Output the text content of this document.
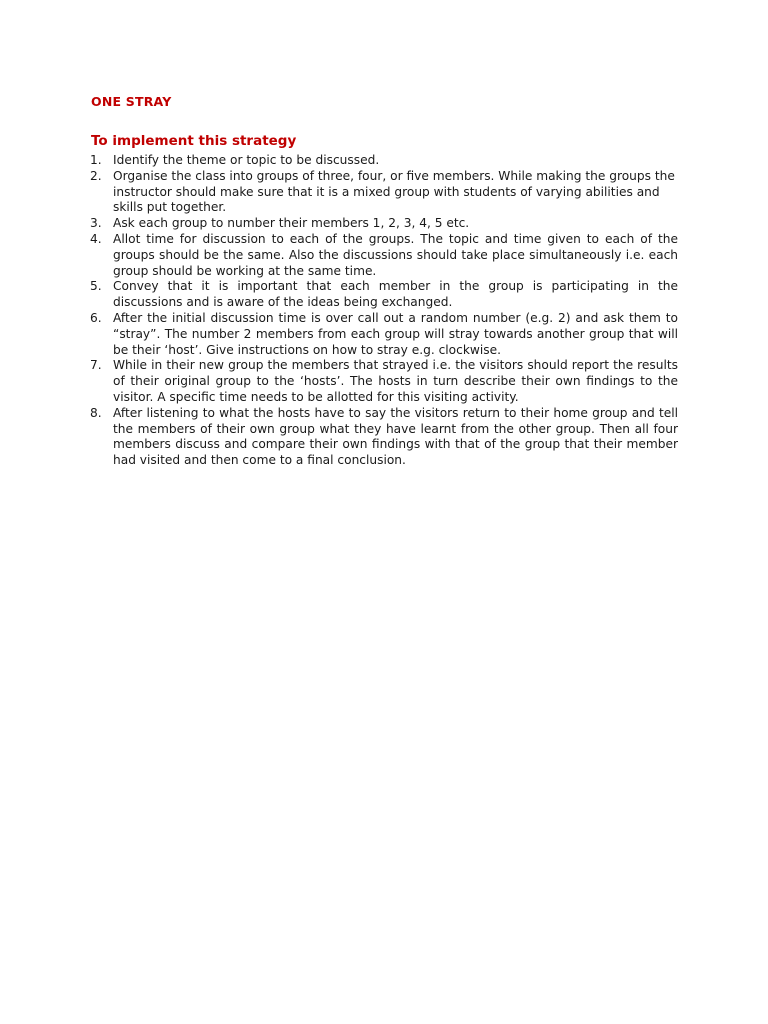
ONE STRAY
To implement this strategy
1. Identify the theme or topic to be discussed.
2. Organise the class into groups of three, four, or five members. While making the groups the instructor should make sure that it is a mixed group with students of varying abilities and skills put together.
3. Ask each group to number their members 1, 2, 3, 4, 5 etc.
4. Allot time for discussion to each of the groups. The topic and time given to each of the groups should be the same. Also the discussions should take place simultaneously i.e. each group should be working at the same time.
5. Convey that it is important that each member in the group is participating in the discussions and is aware of the ideas being exchanged.
6. After the initial discussion time is over call out a random number (e.g. 2) and ask them to “stray”. The number 2 members from each group will stray towards another group that will be their ‘host’. Give instructions on how to stray e.g. clockwise.
7. While in their new group the members that strayed i.e. the visitors should report the results of their original group to the ‘hosts’. The hosts in turn describe their own findings to the visitor. A specific time needs to be allotted for this visiting activity.
8. After listening to what the hosts have to say the visitors return to their home group and tell the members of their own group what they have learnt from the other group. Then all four members discuss and compare their own findings with that of the group that their member had visited and then come to a final conclusion.
